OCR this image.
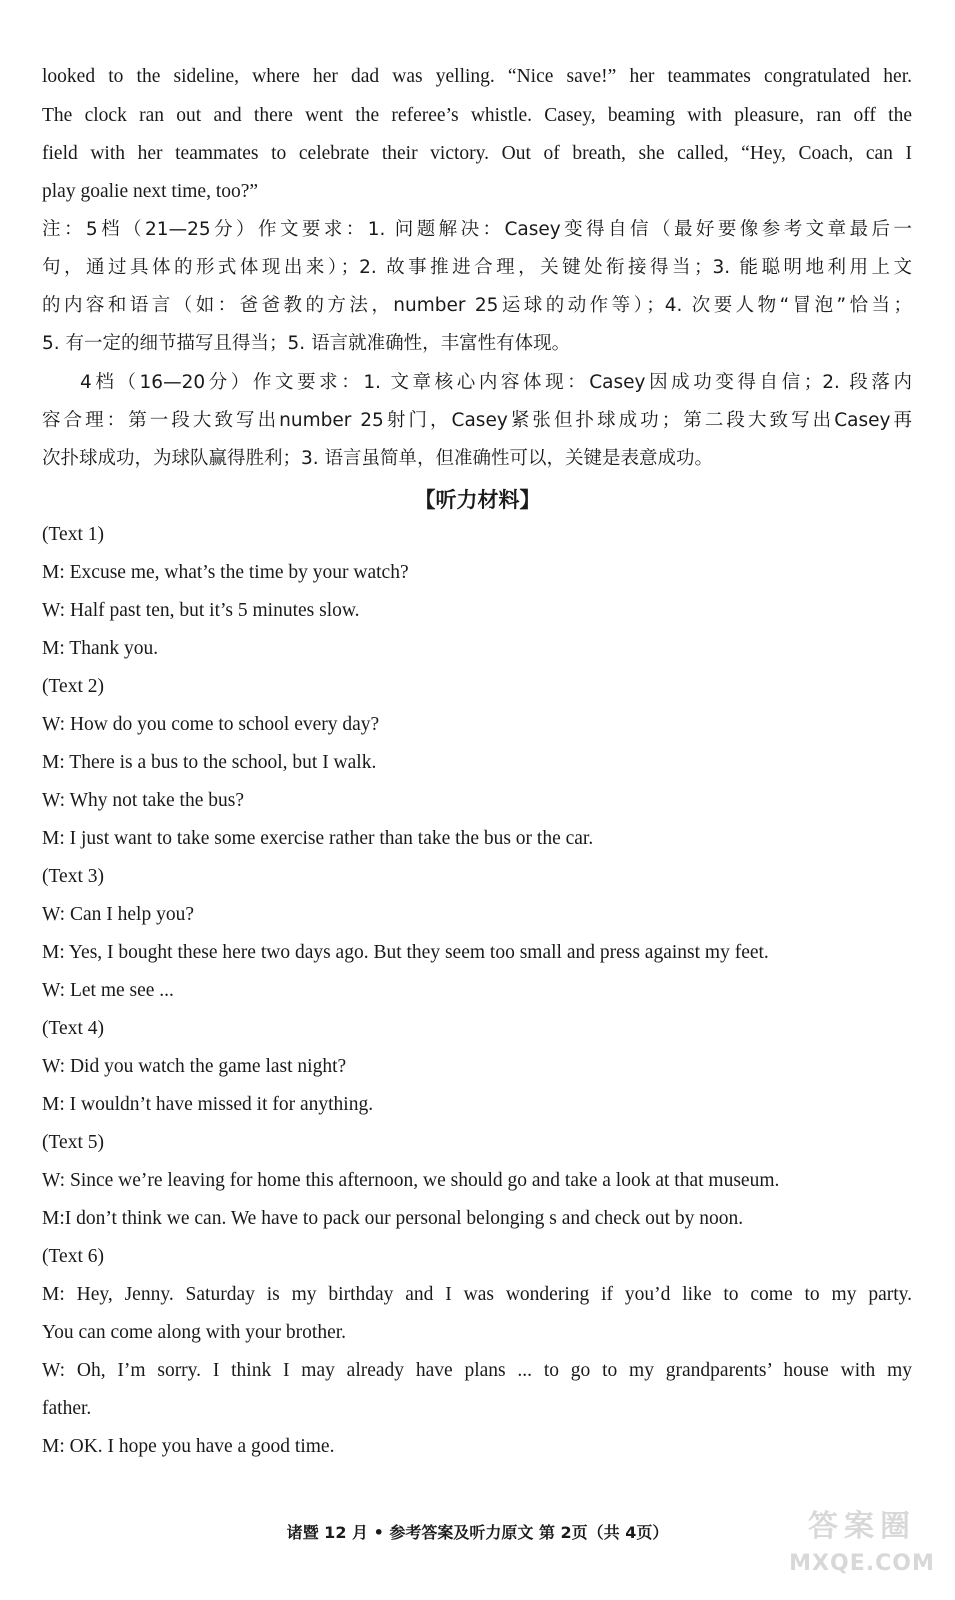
looked to the sideline, where her dad was yelling. “Nice save!” her teammates congratulated her.
The clock ran out and there went the referee’s whistle. Casey, beaming with pleasure, ran off the
field with her teammates to celebrate their victory. Out of breath, she called, “Hey, Coach, can I
play goalie next time, too?”
注：5档（21—25分）作文要求：1. 问题解决：Casey变得自信（最好要像参考文章最后一
句，通过具体的形式体现出来）；2. 故事推进合理，关键处衔接得当；3. 能聪明地利用上文
的内容和语言（如：爸爸教的方法，number 25运球的动作等）；4. 次要人物“冒泡”恰当；
5. 有一定的细节描写且得当；5. 语言就准确性，丰富性有体现。
4档（16—20分）作文要求：1. 文章核心内容体现：Casey因成功变得自信；2. 段落内
容合理：第一段大致写出number 25射门，Casey紧张但扑球成功；第二段大致写出Casey再
次扑球成功，为球队赢得胜利；3. 语言虽简单，但准确性可以，关键是表意成功。
【听力材料】
(Text 1)
M: Excuse me, what’s the time by your watch?
W: Half past ten, but it’s 5 minutes slow.
M: Thank you.
(Text 2)
W: How do you come to school every day?
M: There is a bus to the school, but I walk.
W: Why not take the bus?
M: I just want to take some exercise rather than take the bus or the car.
(Text 3)
W: Can I help you?
M: Yes, I bought these here two days ago. But they seem too small and press against my feet.
W: Let me see ...
(Text 4)
W: Did you watch the game last night?
M: I wouldn’t have missed it for anything.
(Text 5)
W: Since we’re leaving for home this afternoon, we should go and take a look at that museum.
M:I don’t think we can. We have to pack our personal belonging s and check out by noon.
(Text 6)
M: Hey, Jenny. Saturday is my birthday and I was wondering if you’d like to come to my party.
You can come along with your brother.
W: Oh, I’m sorry. I think I may already have plans ... to go to my grandparents’ house with my
father.
M: OK. I hope you have a good time.
诸暨 12 月 • 参考答案及听力原文 第 2页（共 4页）	答案圈
MXQE.COM
